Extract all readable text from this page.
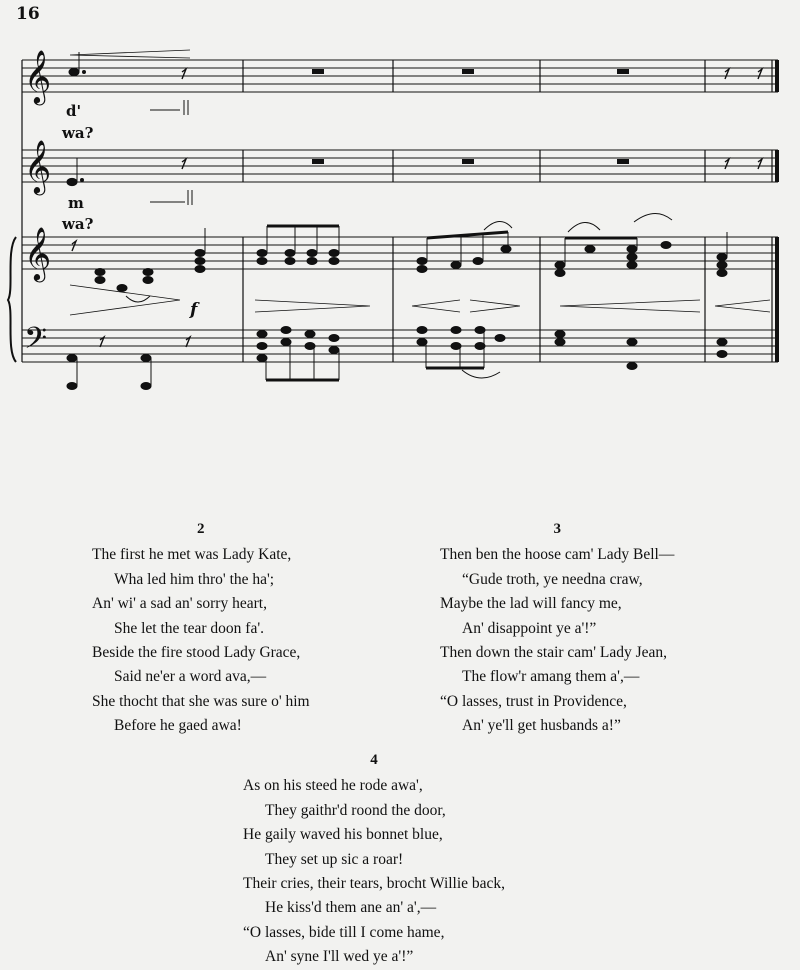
16
𝄞
𝄞
𝄞
𝄢
d'
wa?
m
wa?
f
2
The first he met was Lady Kate,
Wha led him thro' the ha';
An' wi' a sad an' sorry heart,
She let the tear doon fa'.
Beside the fire stood Lady Grace,
Said ne'er a word ava,—
She thocht that she was sure o' him
Before he gaed awa!
3
Then ben the hoose cam' Lady Bell—
“Gude troth, ye needna craw,
Maybe the lad will fancy me,
An' disappoint ye a'!”
Then down the stair cam' Lady Jean,
The flow'r amang them a',—
“O lasses, trust in Providence,
An' ye'll get husbands a!”
4
As on his steed he rode awa',
They gaithr'd roond the door,
He gaily waved his bonnet blue,
They set up sic a roar!
Their cries, their tears, brocht Willie back,
He kiss'd them ane an' a',—
“O lasses, bide till I come hame,
An' syne I'll wed ye a'!”
